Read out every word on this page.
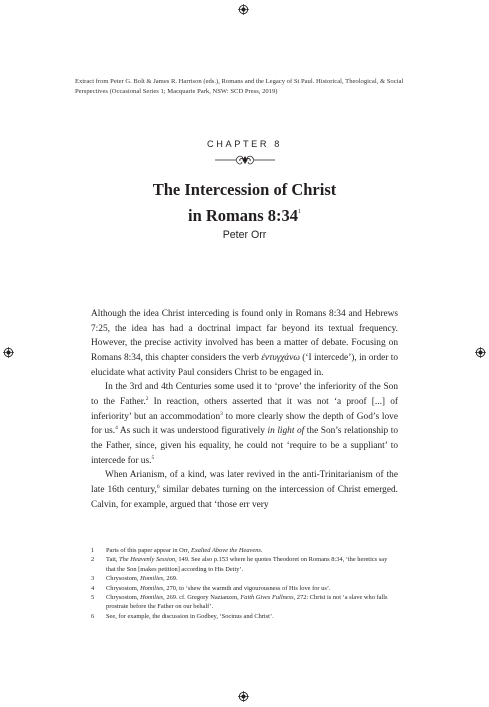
Extract from Peter G. Bolt & James R. Harrison (eds.), Romans and the Legacy of St Paul. Historical, Theological, & Social Perspectives (Occasional Series 1; Macquarie Park, NSW: SCD Press, 2019)
CHAPTER 8
The Intercession of Christ
in Romans $8:34^1$
Peter Orr

Although the idea Christ interceding is found only in Romans 8:34 and Hebrews 7:25, the idea has had a doctrinal impact far beyond its textual frequency. However, the precise activity involved has been a matter of debate. Focusing on Romans 8:34, this chapter considers the verb ἐντυγχάνω (‘I intercede’), in order to elucidate what activity Paul considers Christ to be engaged in.

In the 3rd and 4th Centuries some used it to ‘prove’ the inferiority of the Son to the Father.$^2$ In reaction, others asserted that it was not ‘a proof [...] of inferiority’ but an accommodation$^3$ to more clearly show the depth of God’s love for us.$^4$ As such it was understood figuratively in light of the Son’s relationship to the Father, since, given his equality, he could not ‘require to be a suppliant’ to intercede for us.$^5$

When Arianism, of a kind, was later revived in the anti-Trinitarianism of the late 16th century,$^6$ similar debates turning on the intercession of Christ emerged. Calvin, for example, argued that ‘those err very

1	Parts of this paper appear in Orr, Exalted Above the Heavens.
2	Tait, The Heavenly Session, 149. See also p.153 where he quotes Theodoret on Romans 8:34, ‘the heretics say that the Son [makes petition] according to His Deity’.
3	Chrysostom, Homilies, 269.
4	Chrysostom, Homilies, 270, to ‘shew the warmth and vigourousness of His love for us’.
5	Chrysostom, Homilies, 269. cf. Gregory Nazianzen, Faith Gives Fullness, 272: Christ is not ‘a slave who falls prostrate before the Father on our behalf’.
6	See, for example, the discussion in Godbey, ‘Socinus and Christ’.
